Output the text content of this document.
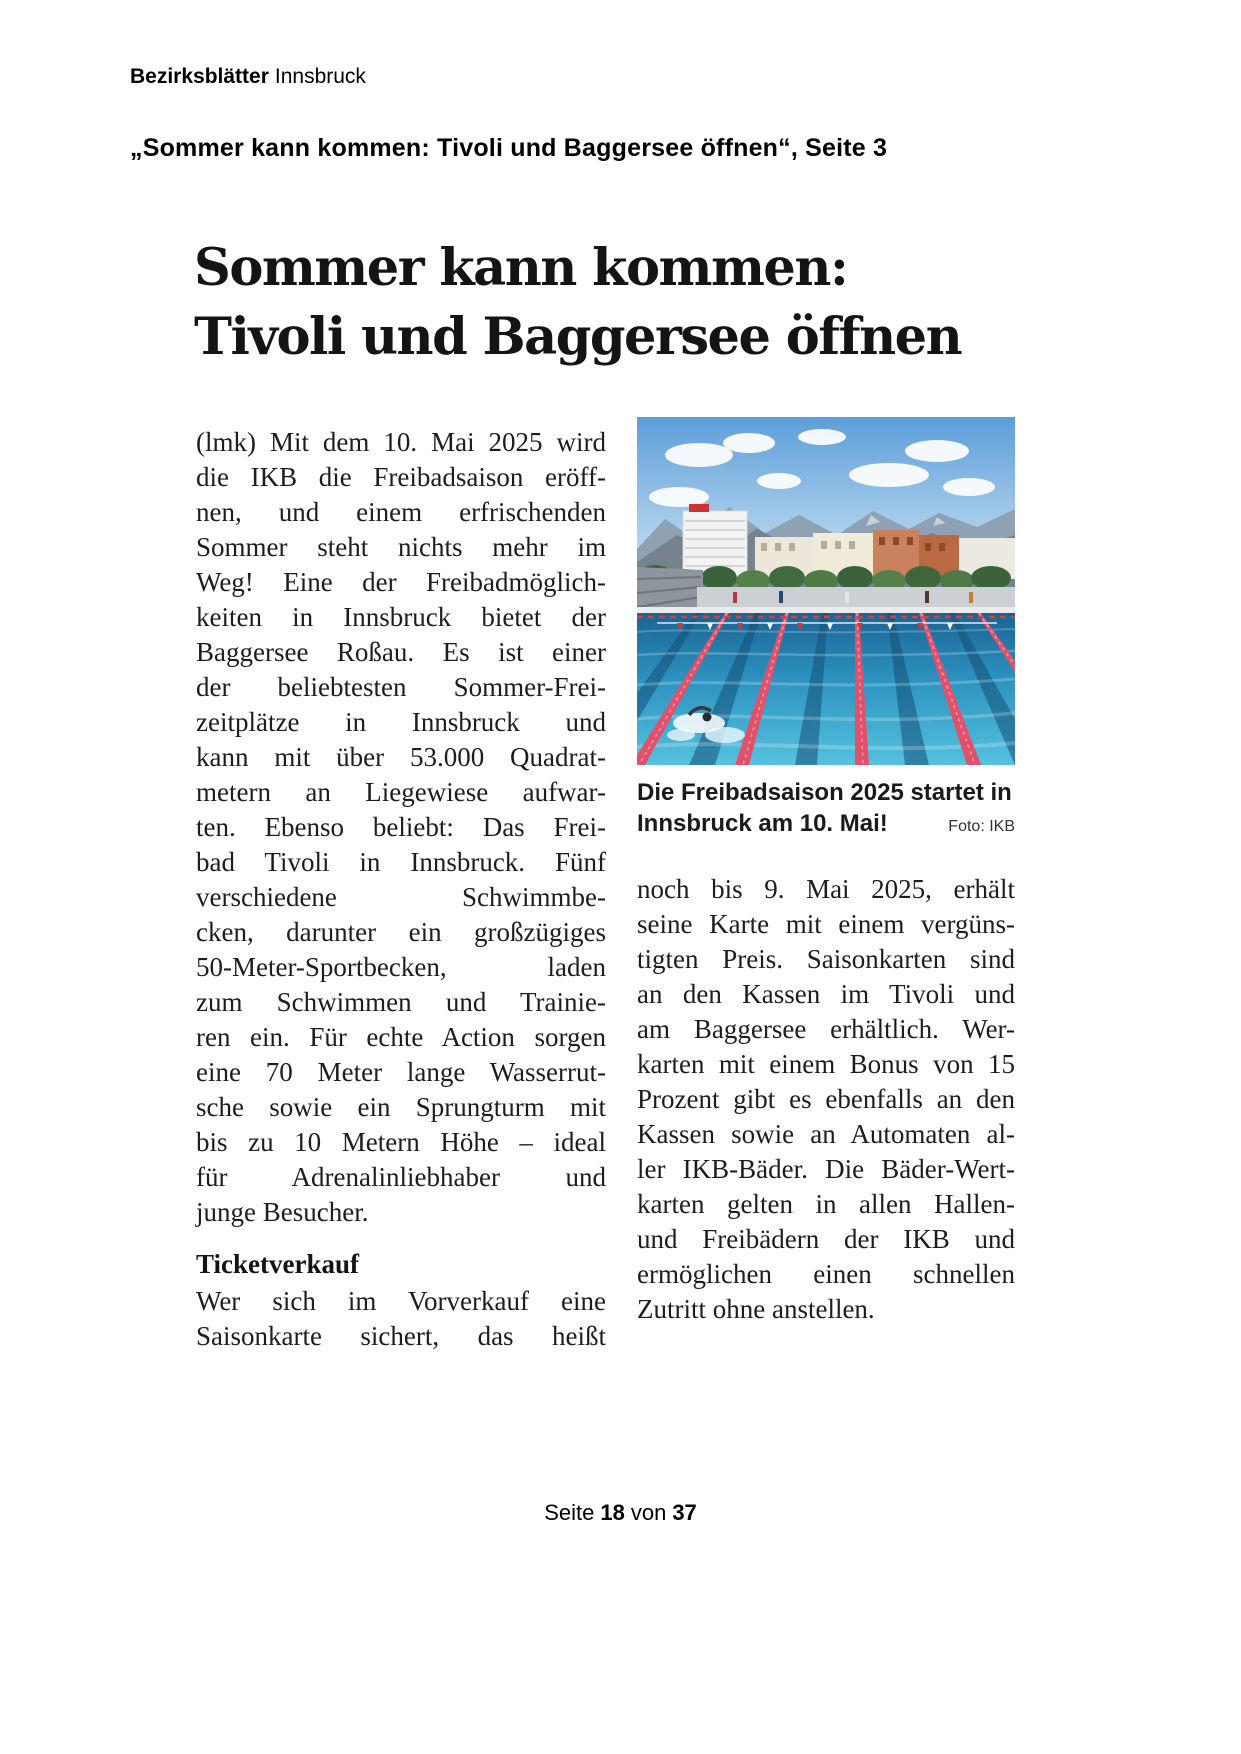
Bezirksblätter Innsbruck
„Sommer kann kommen: Tivoli und Baggersee öffnen“, Seite 3
Sommer kann kommen:
Tivoli und Baggersee öffnen
(lmk) Mit dem 10. Mai 2025 wird
die IKB die Freibadsaison eröff-
nen, und einem erfrischenden
Sommer steht nichts mehr im
Weg! Eine der Freibadmöglich-
keiten in Innsbruck bietet der
Baggersee Roßau. Es ist einer
der beliebtesten Sommer-Frei-
zeitplätze in Innsbruck und
kann mit über 53.000 Quadrat-
metern an Liegewiese aufwar-
ten. Ebenso beliebt: Das Frei-
bad Tivoli in Innsbruck. Fünf
verschiedene Schwimmbe-
cken, darunter ein großzügiges
50-Meter-Sportbecken, laden
zum Schwimmen und Trainie-
ren ein. Für echte Action sorgen
eine 70 Meter lange Wasserrut-
sche sowie ein Sprungturm mit
bis zu 10 Metern Höhe – ideal
für Adrenalinliebhaber und
junge Besucher.
Ticketverkauf
Wer sich im Vorverkauf eine
Saisonkarte sichert, das heißt
Die Freibadsaison 2025 startet in
Innsbruck am 10. Mai!	Foto: IKB
noch bis 9. Mai 2025, erhält
seine Karte mit einem vergüns-
tigten Preis. Saisonkarten sind
an den Kassen im Tivoli und
am Baggersee erhältlich. Wer-
karten mit einem Bonus von 15
Prozent gibt es ebenfalls an den
Kassen sowie an Automaten al-
ler IKB-Bäder. Die Bäder-Wert-
karten gelten in allen Hallen-
und Freibädern der IKB und
ermöglichen einen schnellen
Zutritt ohne anstellen.
Seite 18 von 37
